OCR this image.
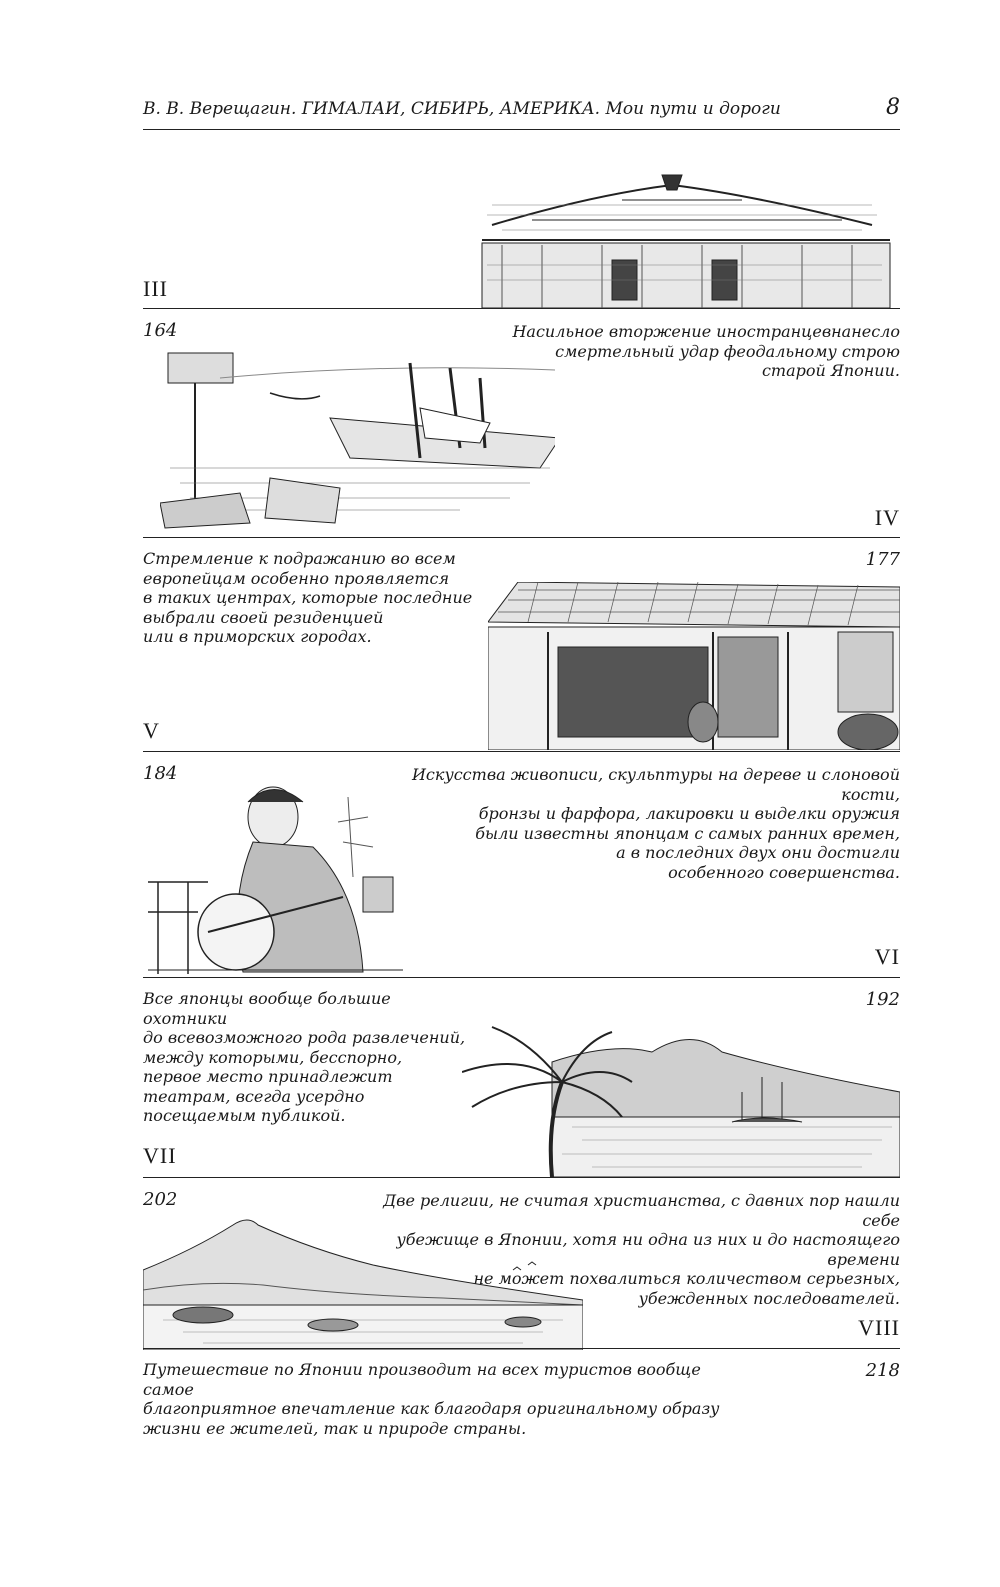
В. В. Верещагин. ГИМАЛАИ, СИБИРЬ, АМЕРИКА. Мои пути и дороги	8
III
164	Насильное вторжение иностранцевнанесло
смертельный удар феодальному строю
старой Японии.
IV
Стремление к подражанию во всем
европейцам особенно проявляется
в таких центрах, которые последние
выбрали своей резиденцией
или в приморских городах.
177
V
184	Искусства живописи, скульптуры на дереве и слоновой кости,
бронзы и фарфора, лакировки и выделки оружия
были известны японцам с самых ранних времен,
а в последних двух они достигли
особенного совершенства.
VI
Все японцы вообще большие охотники
до всевозможного рода развлечений,
между которыми, бесспорно,
первое место принадлежит
театрам, всегда усердно
посещаемым публикой.
192
VII
202	Две религии, не считая христианства, с давних пор нашли себе
убежище в Японии, хотя ни одна из них и до настоящего времени
не может похвалиться количеством серьезных,
убежденных последователей.
VIII
Путешествие по Японии производит на всех туристов вообще самое
благоприятное впечатление как благодаря оригинальному образу
жизни ее жителей, так и природе страны.
218
